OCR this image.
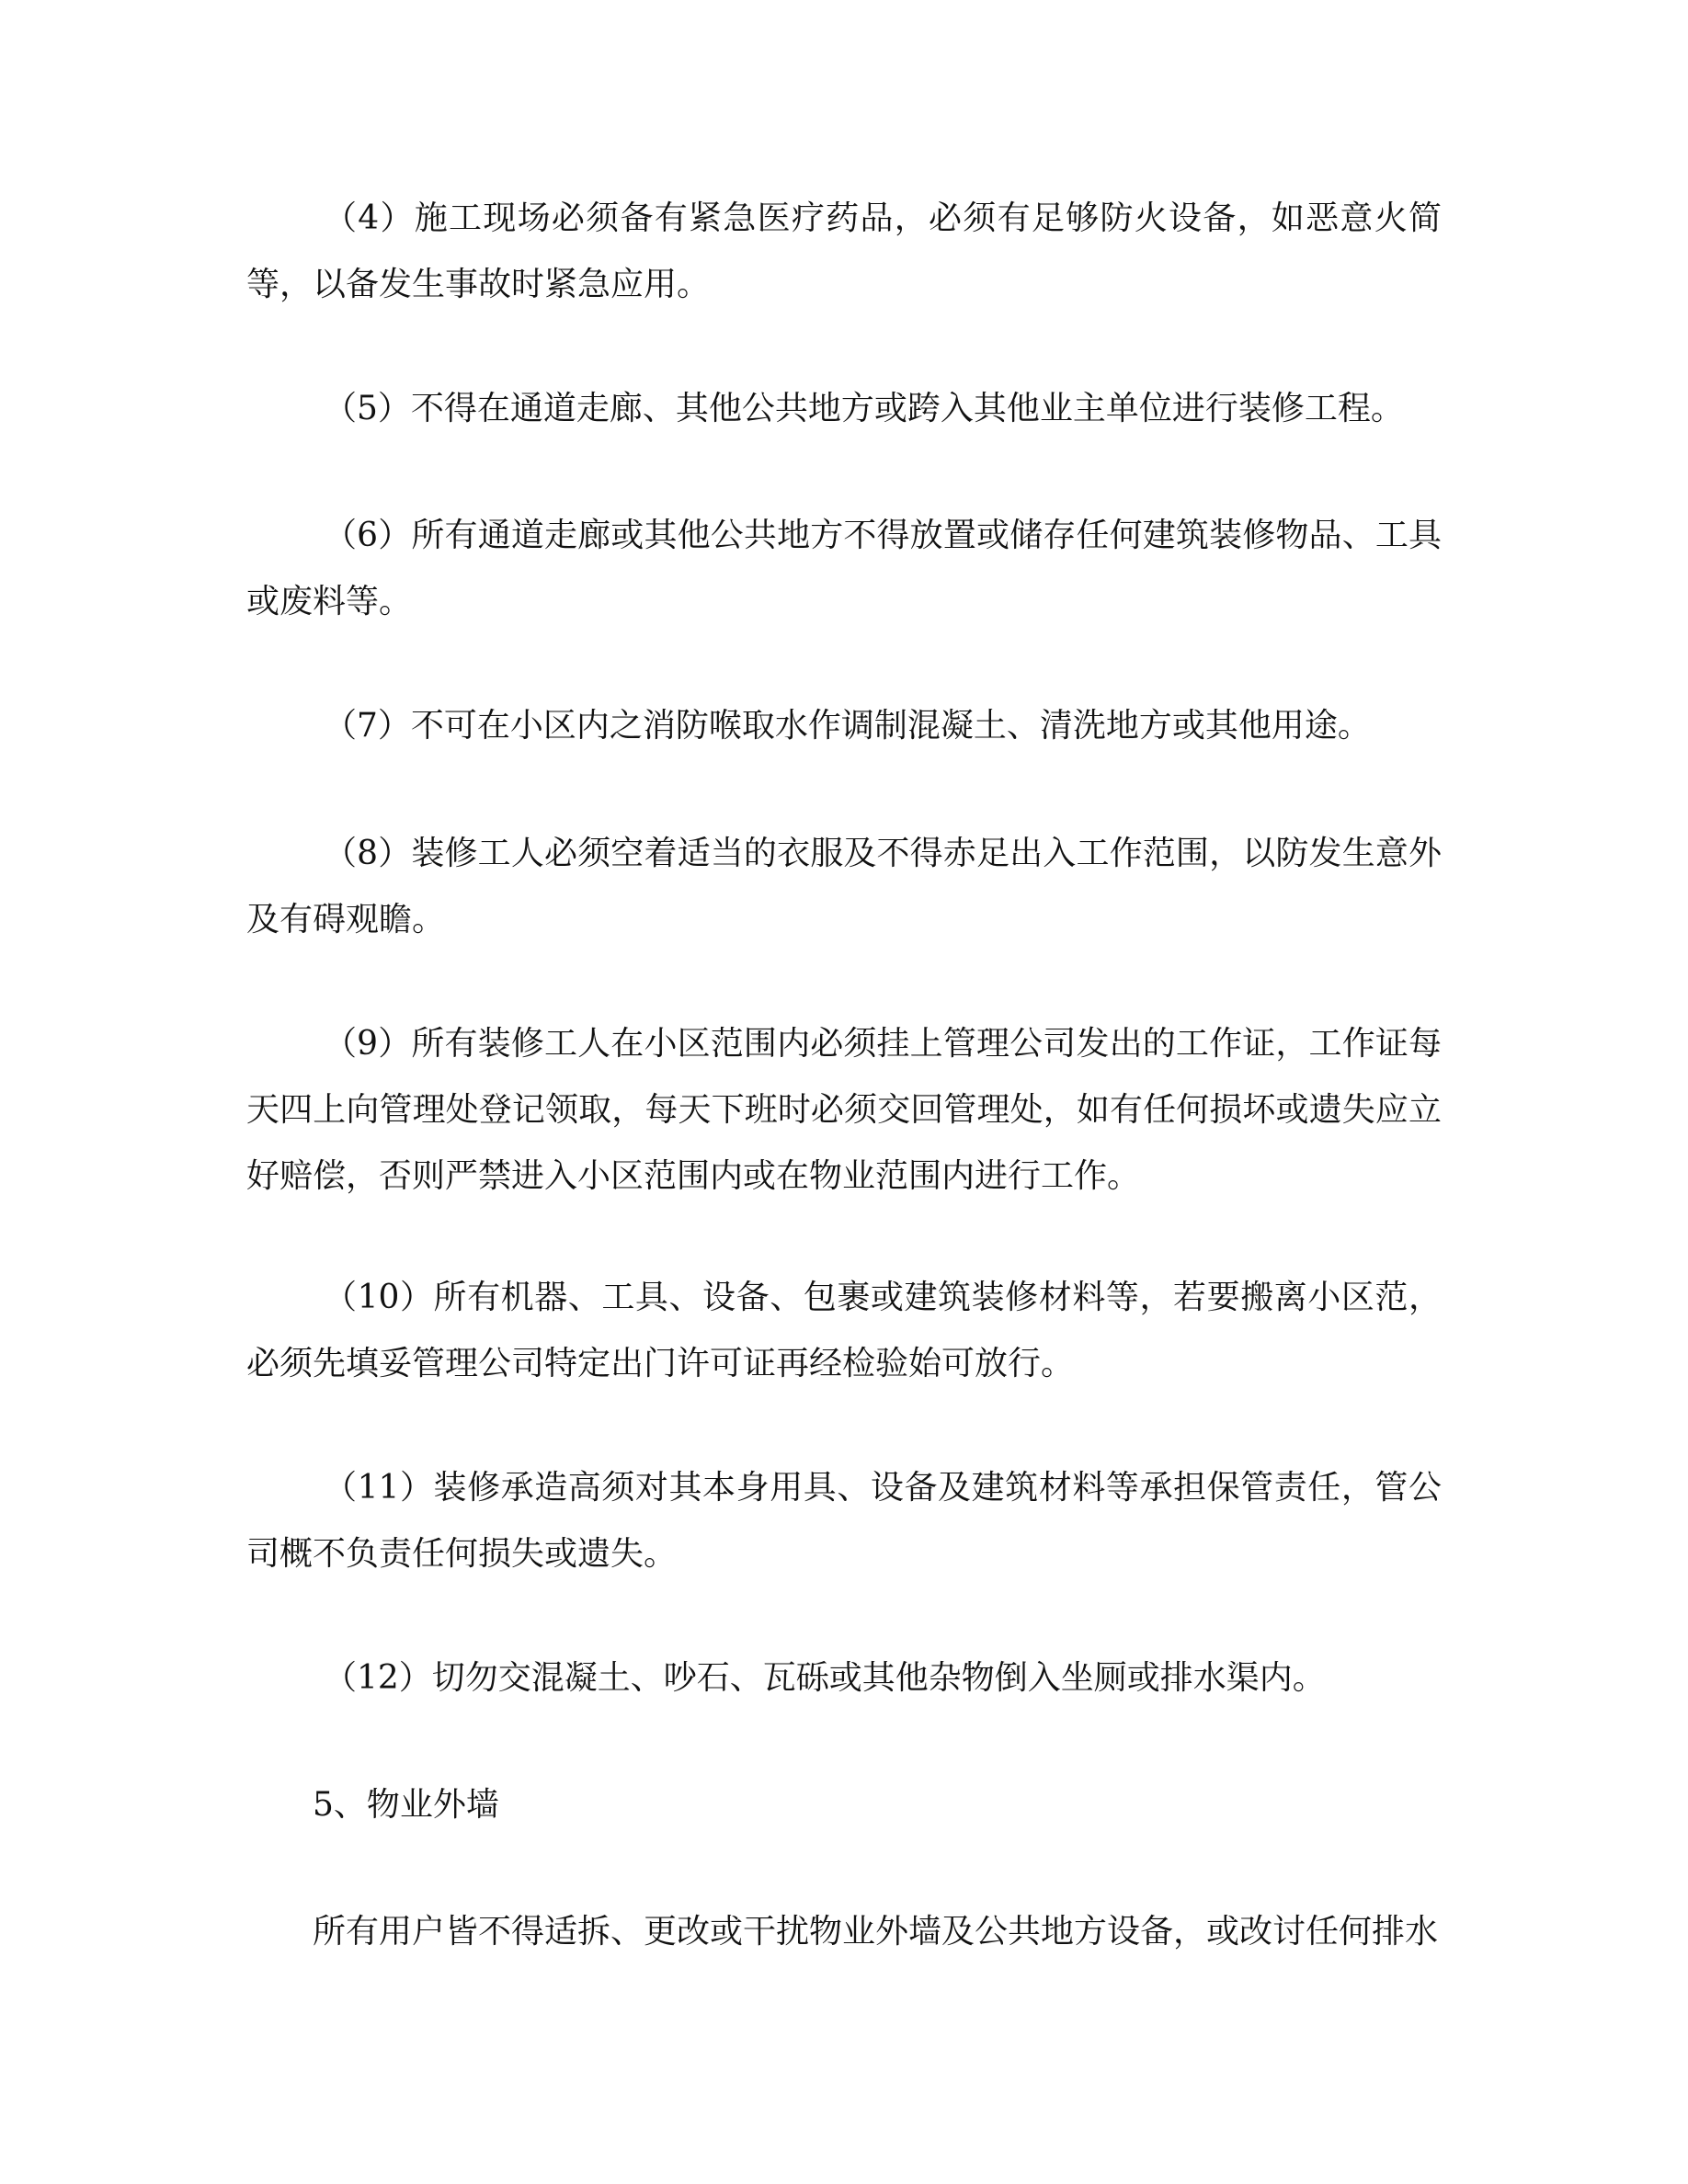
（4）施工现场必须备有紧急医疗药品，必须有足够防火设备，如恶意火简等，以备发生事故时紧急应用。

（5）不得在通道走廊、其他公共地方或跨入其他业主单位进行装修工程。

（6）所有通道走廊或其他公共地方不得放置或储存任何建筑装修物品、工具或废料等。

（7）不可在小区内之消防喉取水作调制混凝土、清洗地方或其他用途。

（8）装修工人必须空着适当的衣服及不得赤足出入工作范围，以防发生意外及有碍观瞻。

（9）所有装修工人在小区范围内必须挂上管理公司发出的工作证，工作证每天四上向管理处登记领取，每天下班时必须交回管理处，如有任何损坏或遗失应立好赔偿，否则严禁进入小区范围内或在物业范围内进行工作。

（10）所有机器、工具、设备、包裹或建筑装修材料等，若要搬离小区范，必须先填妥管理公司特定出门许可证再经检验始可放行。

（11）装修承造高须对其本身用具、设备及建筑材料等承担保管责任，管公司概不负责任何损失或遗失。

（12）切勿交混凝土、吵石、瓦砾或其他杂物倒入坐厕或排水渠内。

5、物业外墙

所有用户皆不得适拆、更改或干扰物业外墙及公共地方设备，或改讨任何排水
